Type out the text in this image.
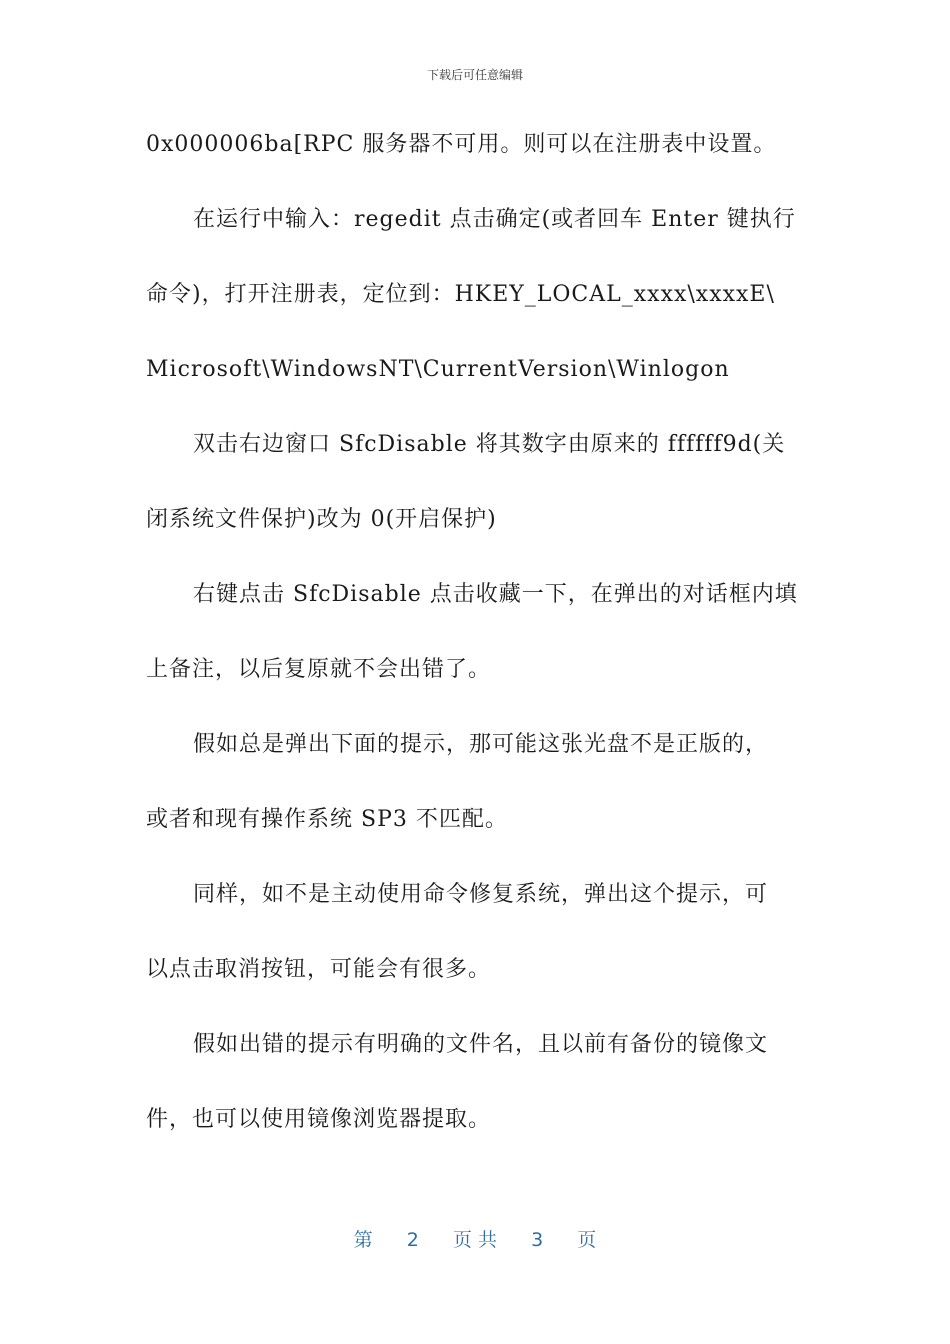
下载后可任意编辑
0x000006ba[RPC 服务器不可用。则可以在注册表中设置。
在运行中输入：regedit 点击确定(或者回车 Enter 键执行
命令)，打开注册表，定位到：HKEY_LOCAL_xxxx\xxxxE\
Microsoft\WindowsNT\CurrentVersion\Winlogon
双击右边窗口 SfcDisable 将其数字由原来的 ffffff9d(关
闭系统文件保护)改为 0(开启保护)
右键点击 SfcDisable 点击收藏一下，在弹出的对话框内填
上备注，以后复原就不会出错了。
假如总是弹出下面的提示，那可能这张光盘不是正版的，
或者和现有操作系统 SP3 不匹配。
同样，如不是主动使用命令修复系统，弹出这个提示，可
以点击取消按钮，可能会有很多。
假如出错的提示有明确的文件名，且以前有备份的镜像文
件，也可以使用镜像浏览器提取。
第 2 页 共 3 页
